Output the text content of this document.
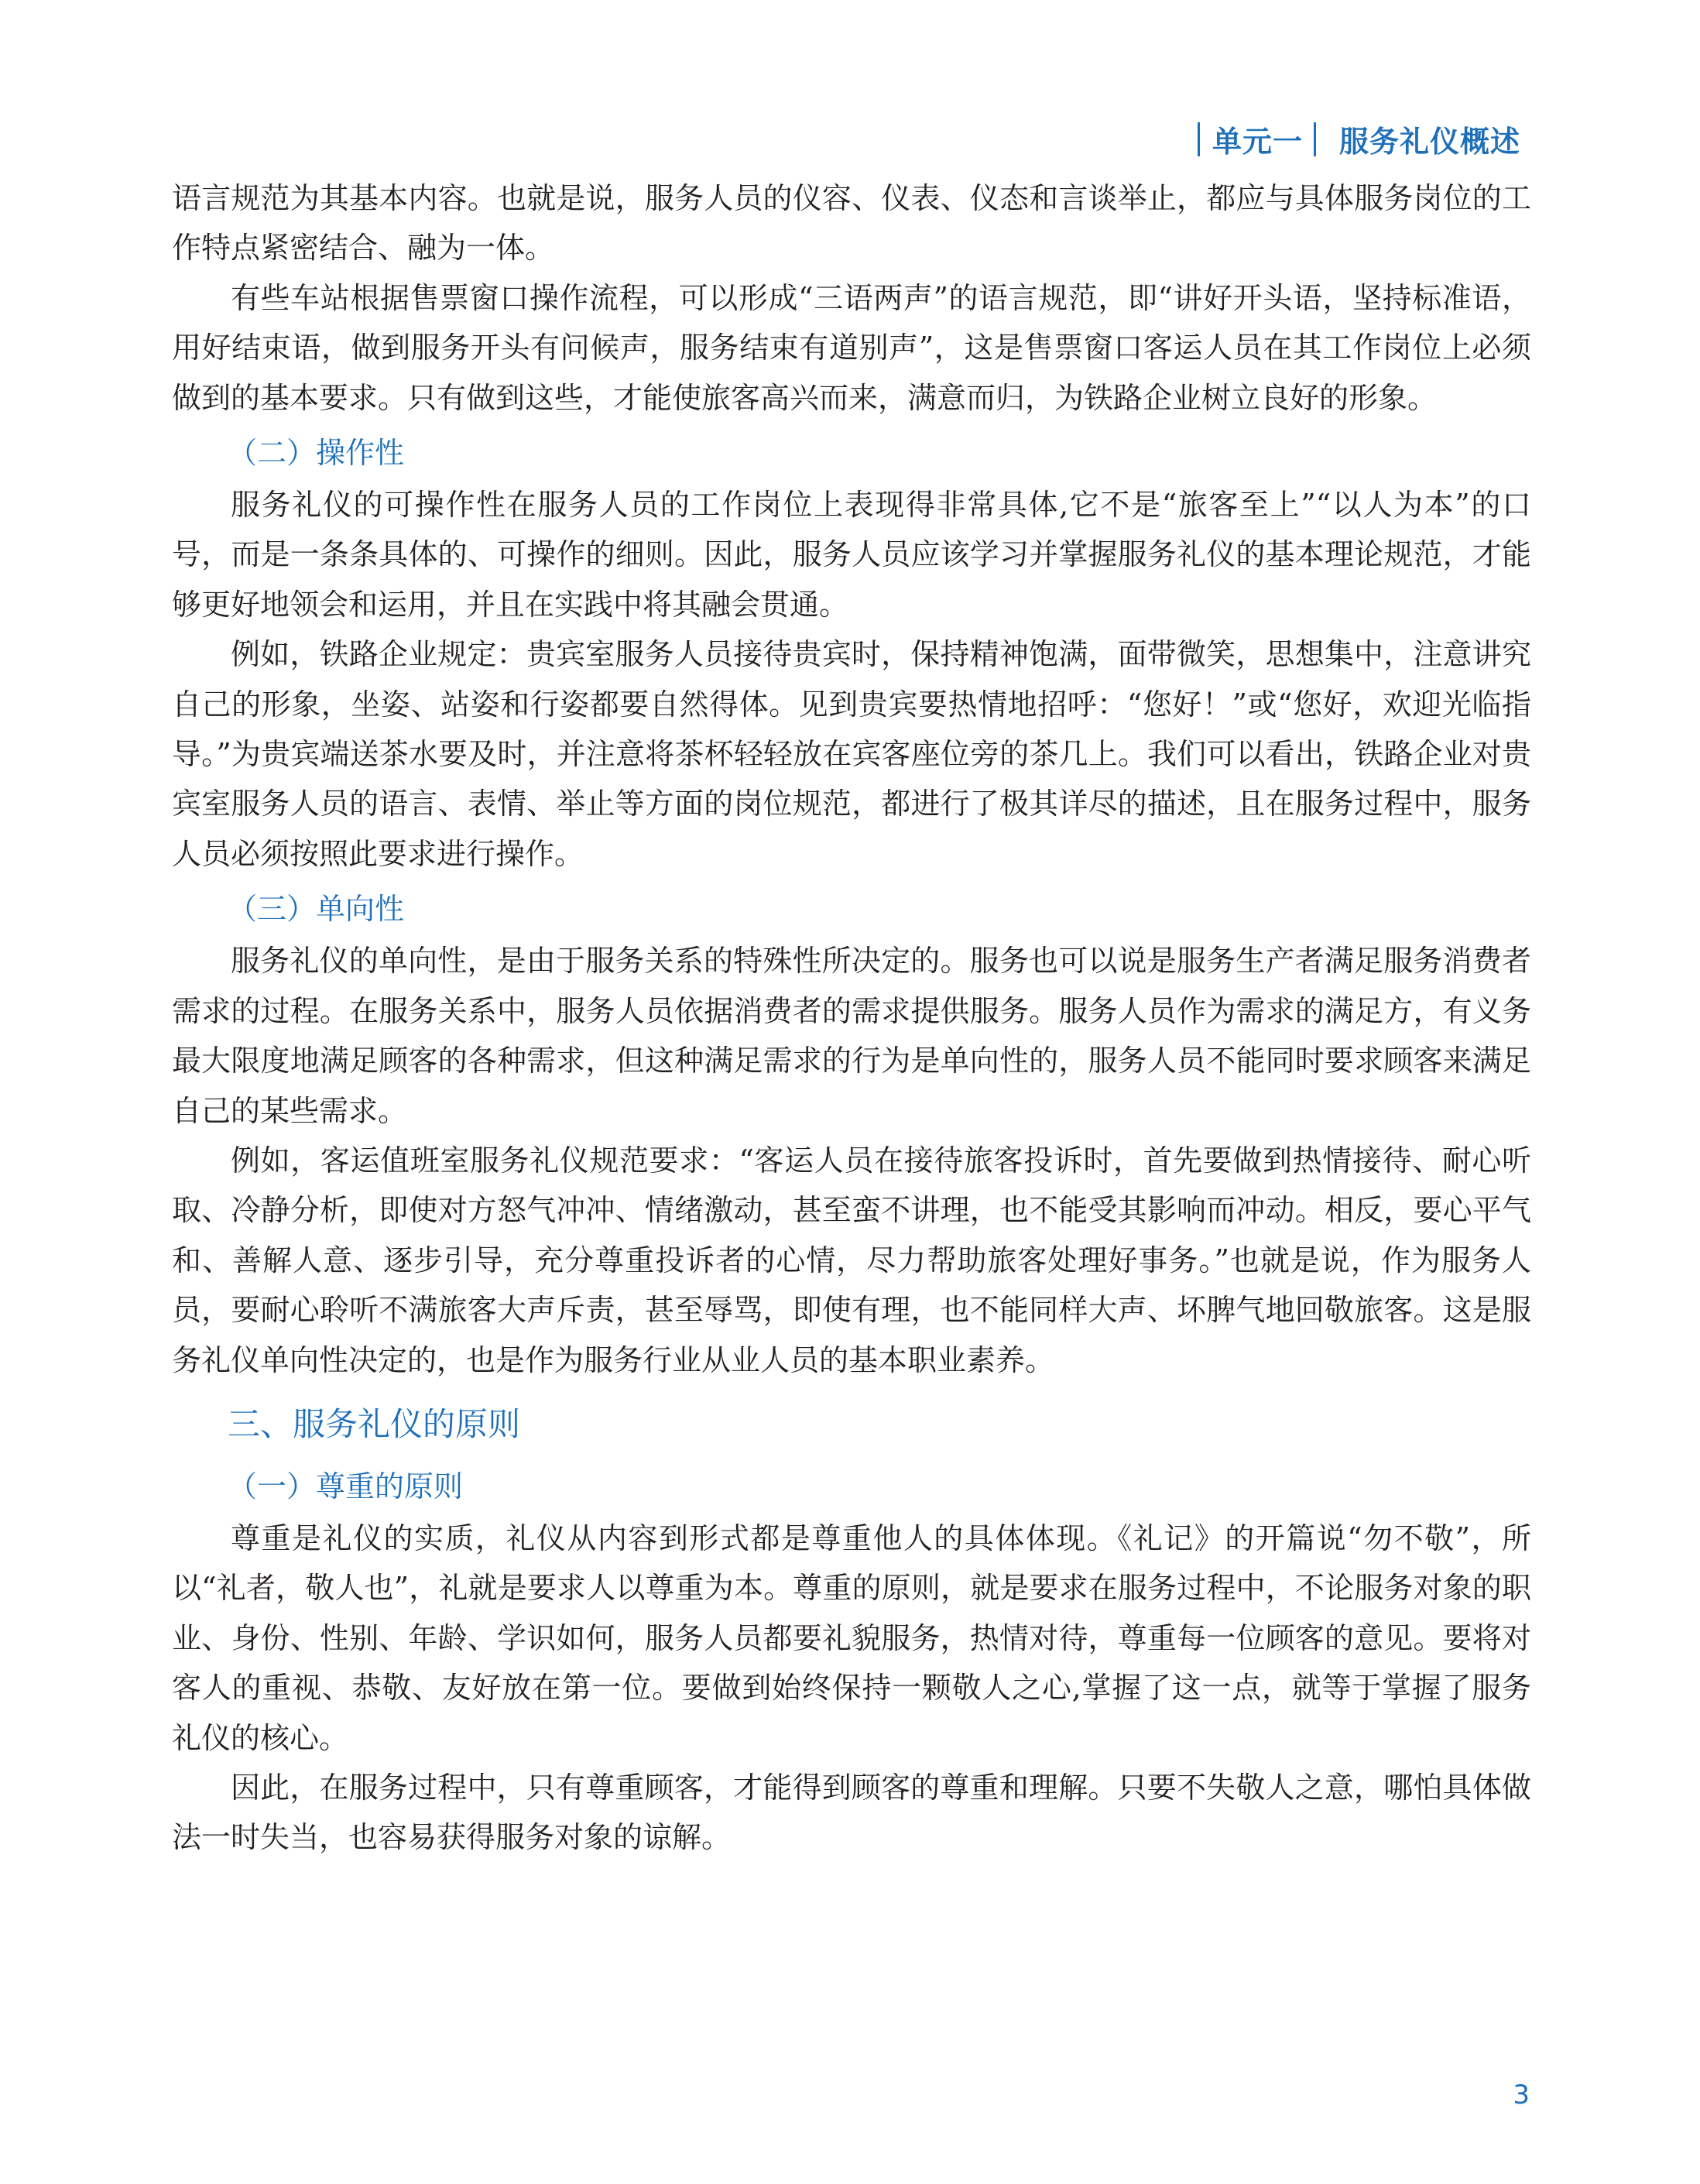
单元一 服务礼仪概述

语言规范为其基本内容。也就是说，服务人员的仪容、仪表、仪态和言谈举止，都应与具体服务岗位的工作特点紧密结合、融为一体。

有些车站根据售票窗口操作流程，可以形成“三语两声”的语言规范，即“讲好开头语，坚持标准语，用好结束语，做到服务开头有问候声，服务结束有道别声”，这是售票窗口客运人员在其工作岗位上必须做到的基本要求。只有做到这些，才能使旅客高兴而来，满意而归，为铁路企业树立良好的形象。

（二）操作性

服务礼仪的可操作性在服务人员的工作岗位上表现得非常具体,它不是“旅客至上”“以人为本”的口号，而是一条条具体的、可操作的细则。因此，服务人员应该学习并掌握服务礼仪的基本理论规范，才能够更好地领会和运用，并且在实践中将其融会贯通。

例如，铁路企业规定：贵宾室服务人员接待贵宾时，保持精神饱满，面带微笑，思想集中，注意讲究自己的形象，坐姿、站姿和行姿都要自然得体。见到贵宾要热情地招呼：“您好！”或“您好，欢迎光临指导。”为贵宾端送茶水要及时，并注意将茶杯轻轻放在宾客座位旁的茶几上。我们可以看出，铁路企业对贵宾室服务人员的语言、表情、举止等方面的岗位规范，都进行了极其详尽的描述，且在服务过程中，服务人员必须按照此要求进行操作。

（三）单向性

服务礼仪的单向性，是由于服务关系的特殊性所决定的。服务也可以说是服务生产者满足服务消费者需求的过程。在服务关系中，服务人员依据消费者的需求提供服务。服务人员作为需求的满足方，有义务最大限度地满足顾客的各种需求，但这种满足需求的行为是单向性的，服务人员不能同时要求顾客来满足自己的某些需求。

例如，客运值班室服务礼仪规范要求：“客运人员在接待旅客投诉时，首先要做到热情接待、耐心听取、冷静分析，即使对方怒气冲冲、情绪激动，甚至蛮不讲理，也不能受其影响而冲动。相反，要心平气和、善解人意、逐步引导，充分尊重投诉者的心情，尽力帮助旅客处理好事务。”也就是说，作为服务人员，要耐心聆听不满旅客大声斥责，甚至辱骂，即使有理，也不能同样大声、坏脾气地回敬旅客。这是服务礼仪单向性决定的，也是作为服务行业从业人员的基本职业素养。

三、服务礼仪的原则
（一）尊重的原则

尊重是礼仪的实质，礼仪从内容到形式都是尊重他人的具体体现。《礼记》的开篇说“勿不敬”，所以“礼者，敬人也”，礼就是要求人以尊重为本。尊重的原则，就是要求在服务过程中，不论服务对象的职业、身份、性别、年龄、学识如何，服务人员都要礼貌服务，热情对待，尊重每一位顾客的意见。要将对客人的重视、恭敬、友好放在第一位。要做到始终保持一颗敬人之心,掌握了这一点，就等于掌握了服务礼仪的核心。

因此，在服务过程中，只有尊重顾客，才能得到顾客的尊重和理解。只要不失敬人之意，哪怕具体做法一时失当，也容易获得服务对象的谅解。

3
